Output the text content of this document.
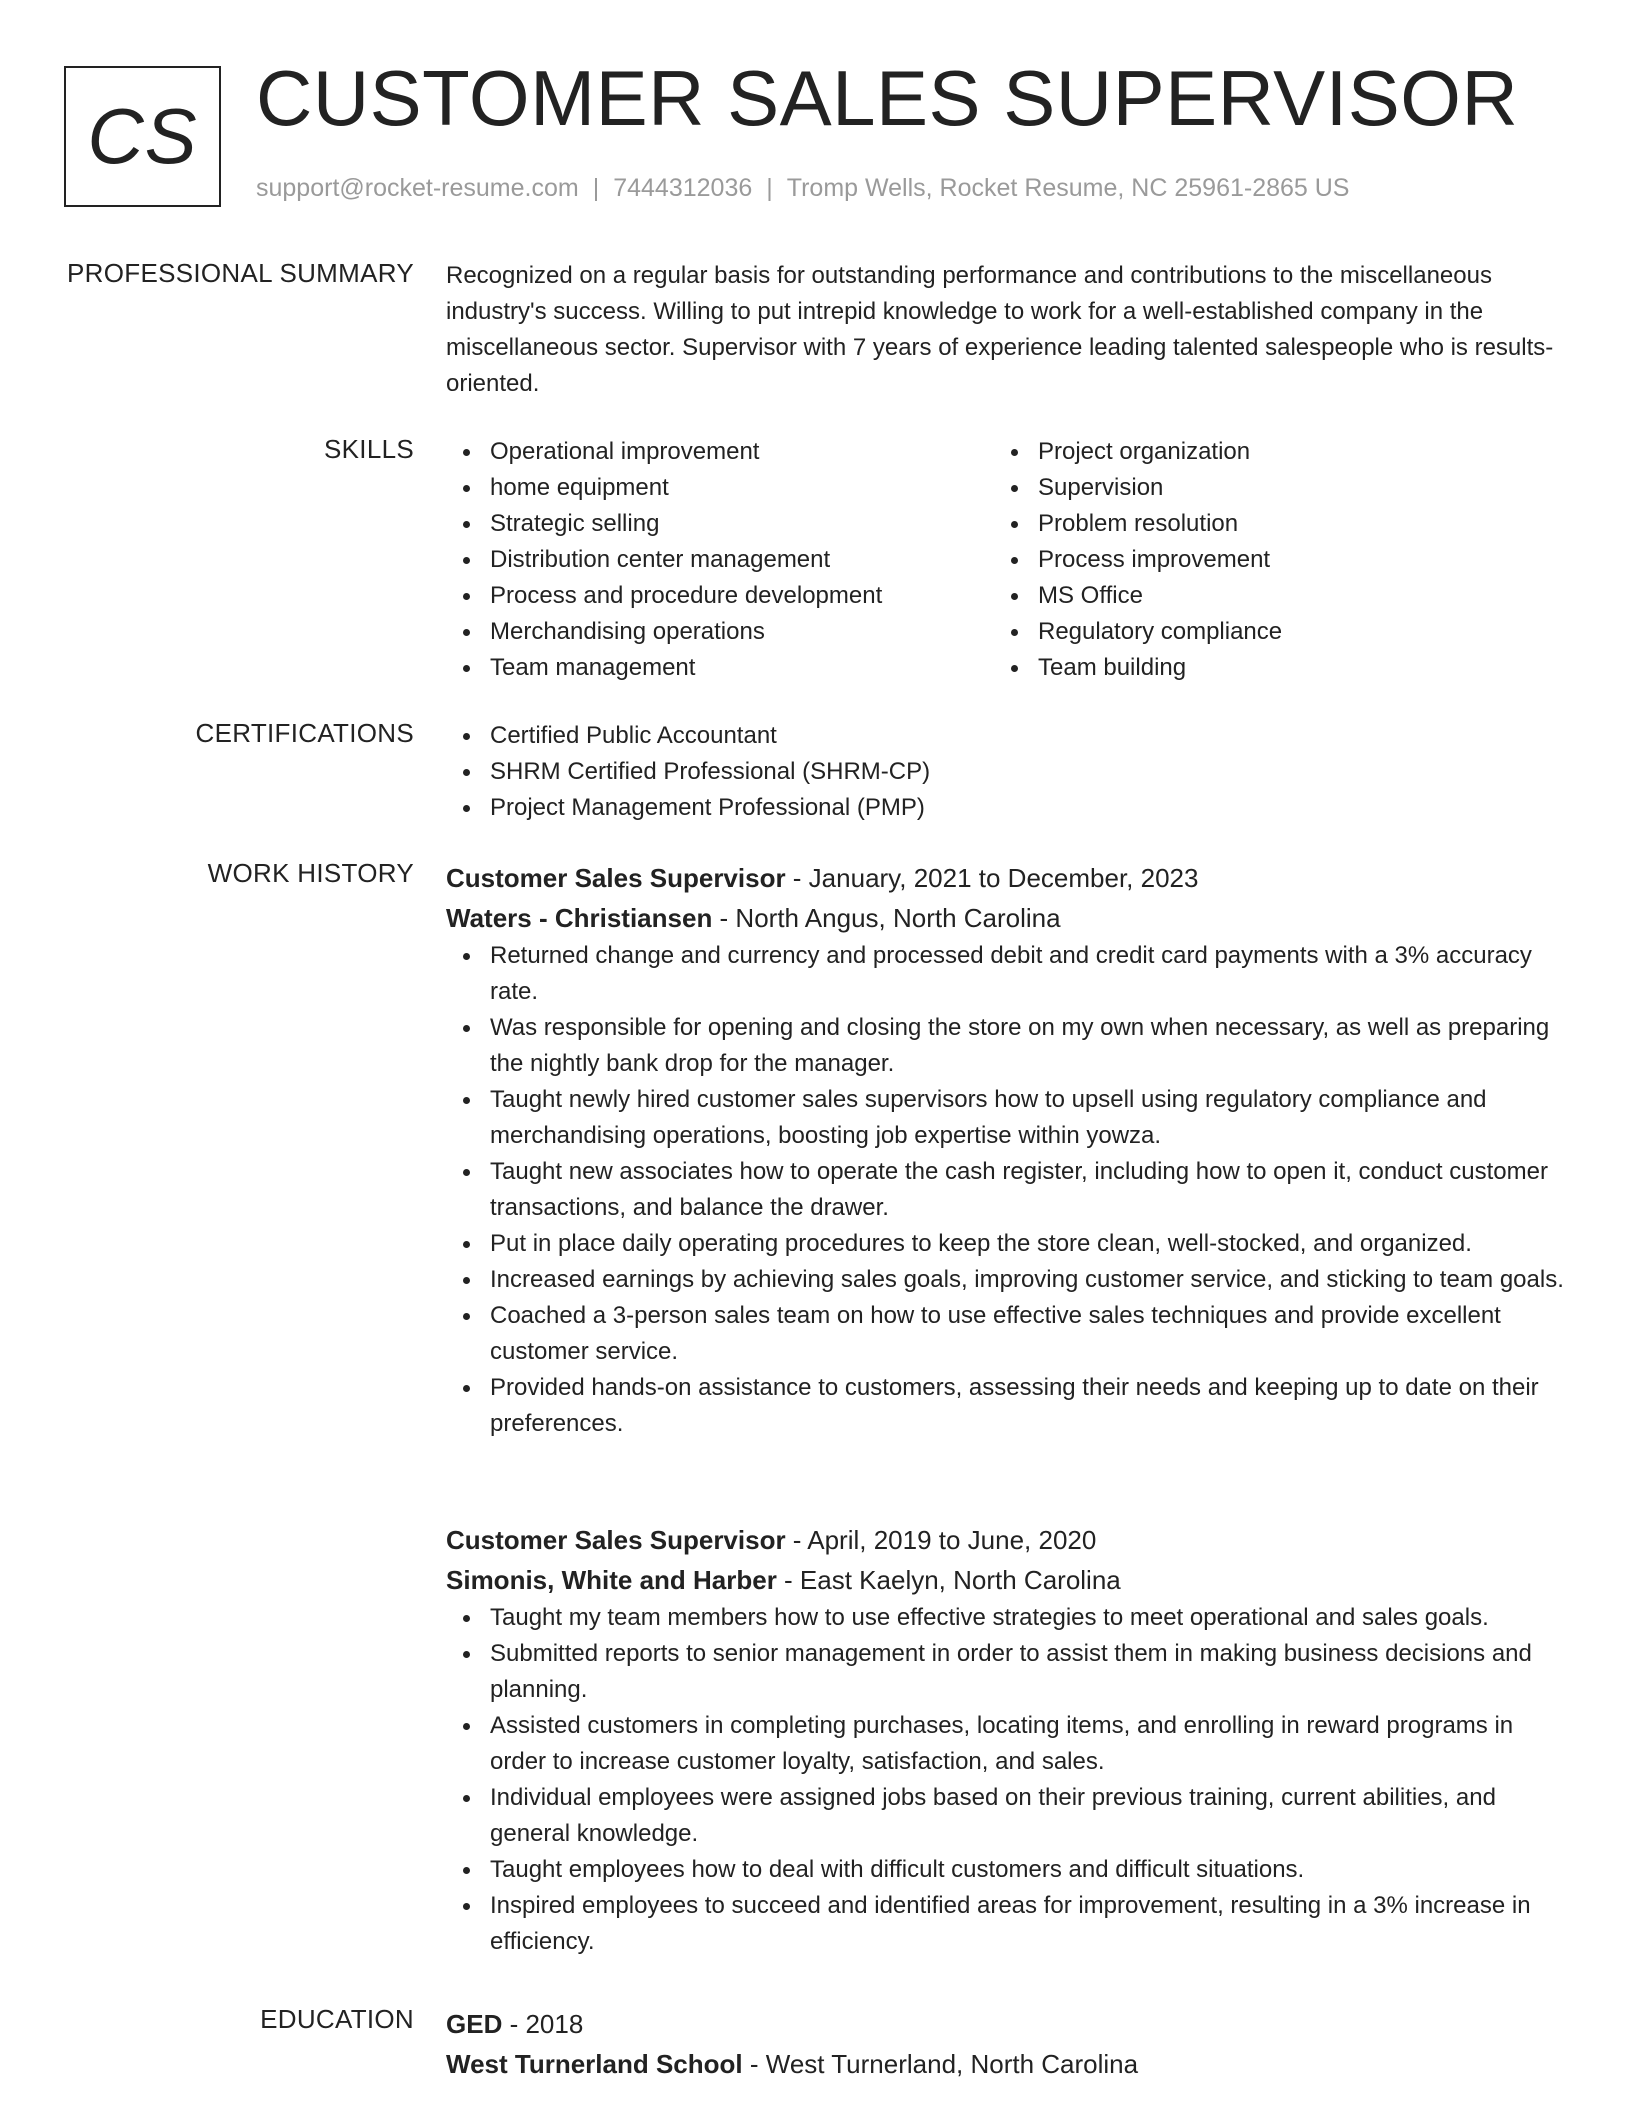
CS CUSTOMER SALES SUPERVISOR
support@rocket-resume.com | 7444312036 | Tromp Wells, Rocket Resume, NC 25961-2865 US
PROFESSIONAL SUMMARY Recognized on a regular basis for outstanding performance and contributions to the miscellaneous industry's success. Willing to put intrepid knowledge to work for a well-established company in the miscellaneous sector. Supervisor with 7 years of experience leading talented salespeople who is results-oriented.

SKILLS	Operational improvement
home equipment
Strategic selling
Distribution center management
Process and procedure development
Merchandising operations
Team management
Project organization
Supervision
Problem resolution
Process improvement
MS Office
Regulatory compliance
Team building
CERTIFICATIONS	Certified Public Accountant
SHRM Certified Professional (SHRM-CP)
Project Management Professional (PMP)
WORK HISTORY Customer Sales Supervisor - January, 2021 to December, 2023
Waters - Christiansen - North Angus, North Carolina
Returned change and currency and processed debit and credit card payments with a 3% accuracy rate.
Was responsible for opening and closing the store on my own when necessary, as well as preparing the nightly bank drop for the manager.
Taught newly hired customer sales supervisors how to upsell using regulatory compliance and merchandising operations, boosting job expertise within yowza.
Taught new associates how to operate the cash register, including how to open it, conduct customer transactions, and balance the drawer.
Put in place daily operating procedures to keep the store clean, well-stocked, and organized.
Increased earnings by achieving sales goals, improving customer service, and sticking to team goals.
Coached a 3-person sales team on how to use effective sales techniques and provide excellent customer service.
Provided hands-on assistance to customers, assessing their needs and keeping up to date on their preferences.
Customer Sales Supervisor - April, 2019 to June, 2020
Simonis, White and Harber - East Kaelyn, North Carolina
Taught my team members how to use effective strategies to meet operational and sales goals.
Submitted reports to senior management in order to assist them in making business decisions and planning.
Assisted customers in completing purchases, locating items, and enrolling in reward programs in order to increase customer loyalty, satisfaction, and sales.
Individual employees were assigned jobs based on their previous training, current abilities, and general knowledge.
Taught employees how to deal with difficult customers and difficult situations.
Inspired employees to succeed and identified areas for improvement, resulting in a 3% increase in efficiency.
EDUCATION GED - 2018
West Turnerland School - West Turnerland, North Carolina
